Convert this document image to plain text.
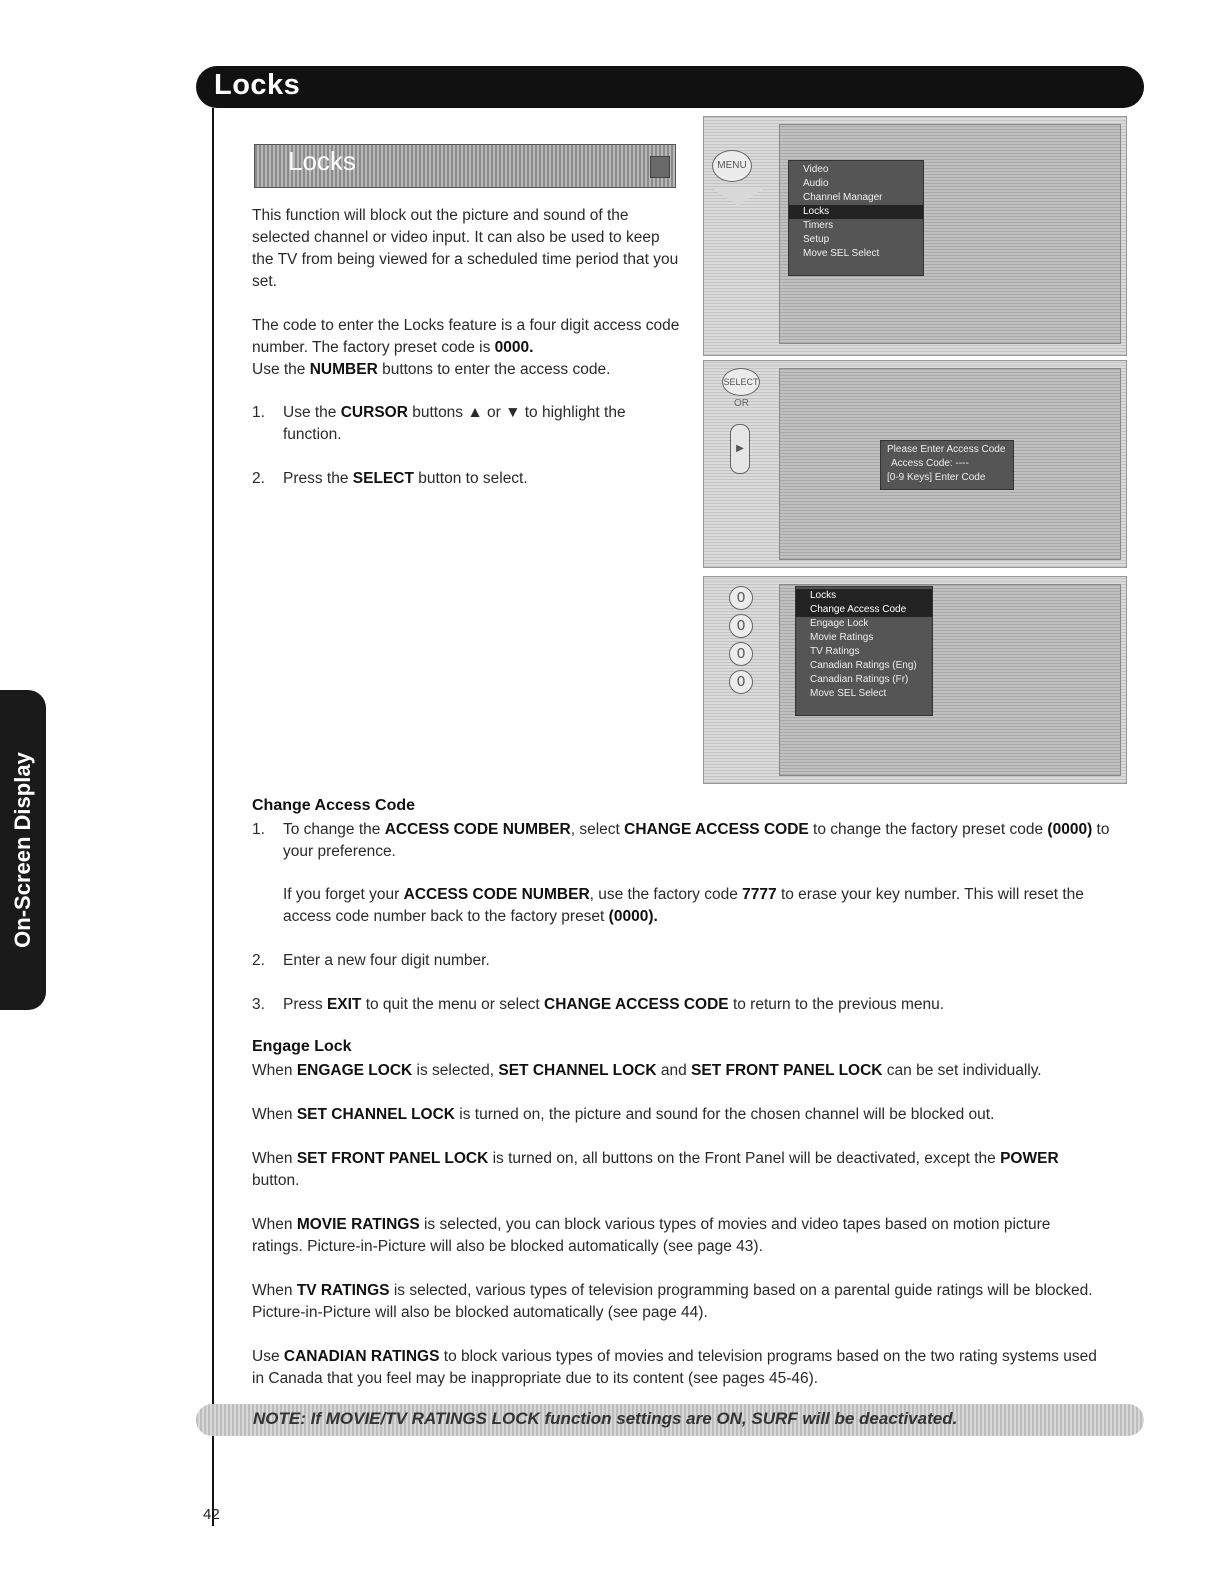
Locks
On-Screen Display
Locks
This function will block out the picture and sound of the selected channel or video input. It can also be used to keep the TV from being viewed for a scheduled time period that you set.
The code to enter the Locks feature is a four digit access code number. The factory preset code is 0000.
Use the NUMBER buttons to enter the access code.
1. Use the CURSOR buttons ▲ or ▼ to highlight the function.
2. Press the SELECT button to select.
MENU	Video
Audio
Channel Manager
Locks
Timers
Setup
Move SEL Select
SELECT
OR
▶	Please Enter Access Code
Access Code: ----
[0-9 Keys] Enter Code
0
0
0
0
Locks
Change Access Code
Engage Lock
Movie Ratings
TV Ratings
Canadian Ratings (Eng)
Canadian Ratings (Fr)
Move SEL Select
Change Access Code
1. To change the ACCESS CODE NUMBER, select CHANGE ACCESS CODE to change the factory preset code (0000) to your preference.
If you forget your ACCESS CODE NUMBER, use the factory code 7777 to erase your key number. This will reset the access code number back to the factory preset (0000).
2. Enter a new four digit number.
3. Press EXIT to quit the menu or select CHANGE ACCESS CODE to return to the previous menu.
Engage Lock
When ENGAGE LOCK is selected, SET CHANNEL LOCK and SET FRONT PANEL LOCK can be set individually.
When SET CHANNEL LOCK is turned on, the picture and sound for the chosen channel will be blocked out.
When SET FRONT PANEL LOCK is turned on, all buttons on the Front Panel will be deactivated, except the POWER button.
When MOVIE RATINGS is selected, you can block various types of movies and video tapes based on motion picture ratings. Picture-in-Picture will also be blocked automatically (see page 43).
When TV RATINGS is selected, various types of television programming based on a parental guide ratings will be blocked. Picture-in-Picture will also be blocked automatically (see page 44).
Use CANADIAN RATINGS to block various types of movies and television programs based on the two rating systems used in Canada that you feel may be inappropriate due to its content (see pages 45-46).
NOTE: If MOVIE/TV RATINGS LOCK function settings are ON, SURF will be deactivated.
42
